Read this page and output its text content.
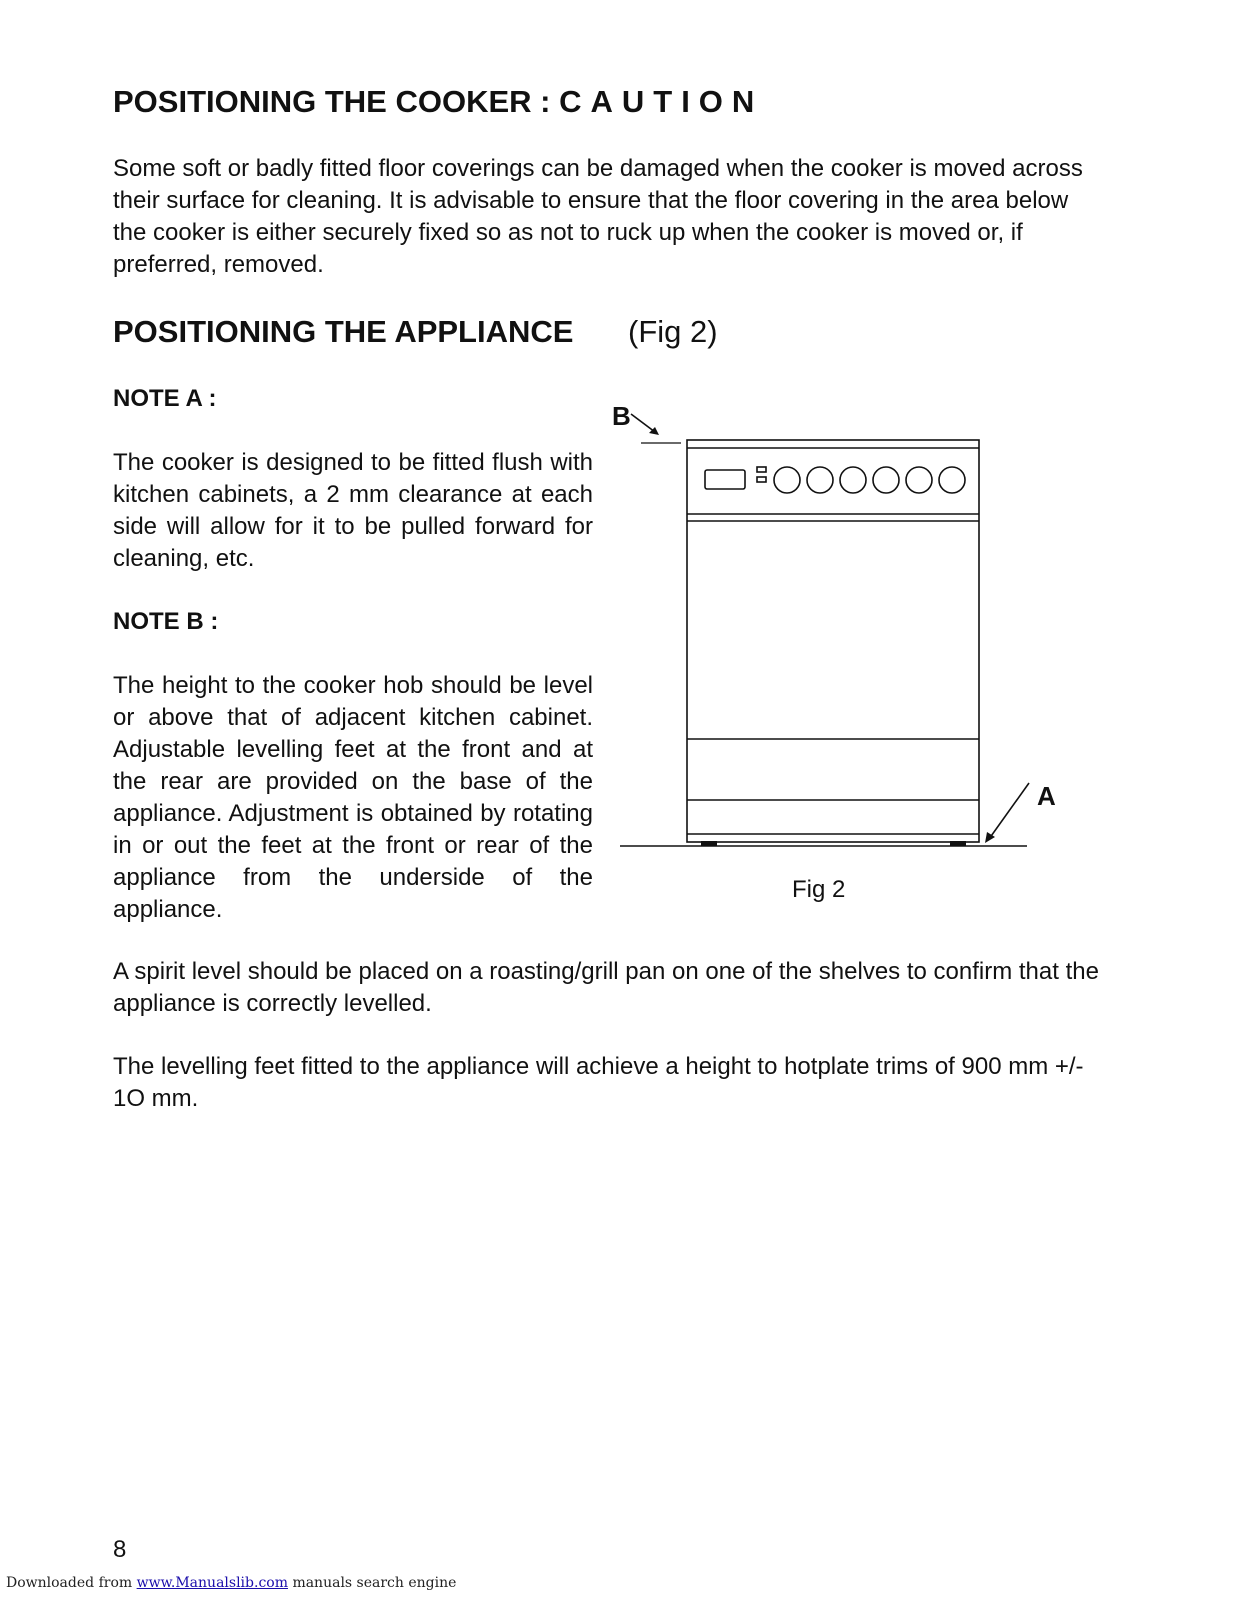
POSITIONING THE COOKER : CAUTION

Some soft or badly fitted floor coverings can be damaged when the cooker is moved across their surface for cleaning. It is advisable to ensure that the floor covering in the area below the cooker is either securely fixed so as not to ruck up when the cooker is moved or, if preferred, removed.

POSITIONING THE APPLIANCE (Fig 2)
NOTE A :

The cooker is designed to be fitted flush with kitchen cabinets, a 2 mm clearance at each side will allow for it to be pulled forward for cleaning, etc.

NOTE B :

The height to the cooker hob should be level or above that of adjacent kitchen cabinet. Adjustable levelling feet at the front and at the rear are provided on the base of the appliance. Adjustment is obtained by rotating in or out the feet at the front or rear of the appliance from the underside of the appliance.

B
A
Fig 2

A spirit level should be placed on a roasting/grill pan on one of the shelves to confirm that the appliance is correctly levelled.

The levelling feet fitted to the appliance will achieve a height to hotplate trims of 900 mm +/- 1O mm.

8
Downloaded from www.Manualslib.com manuals search engine
